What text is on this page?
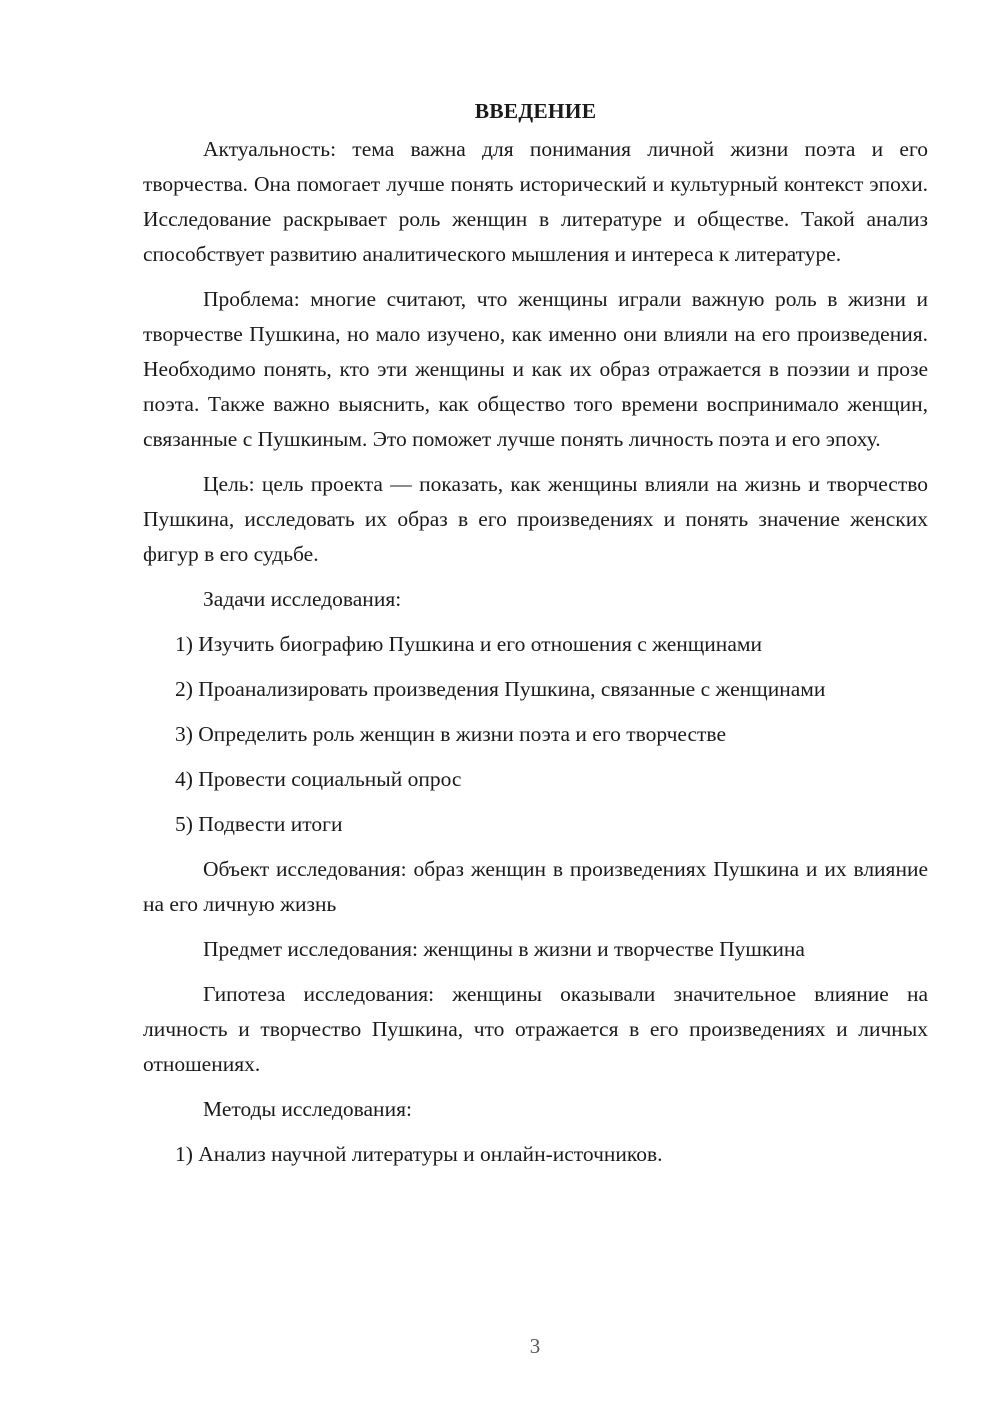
ВВЕДЕНИЕ

Актуальность: тема важна для понимания личной жизни поэта и его творчества. Она помогает лучше понять исторический и культурный контекст эпохи. Исследование раскрывает роль женщин в литературе и обществе. Такой анализ способствует развитию аналитического мышления и интереса к литературе.

Проблема: многие считают, что женщины играли важную роль в жизни и творчестве Пушкина, но мало изучено, как именно они влияли на его произведения. Необходимо понять, кто эти женщины и как их образ отражается в поэзии и прозе поэта. Также важно выяснить, как общество того времени воспринимало женщин, связанные с Пушкиным. Это поможет лучше понять личность поэта и его эпоху.

Цель: цель проекта — показать, как женщины влияли на жизнь и творчество Пушкина, исследовать их образ в его произведениях и понять значение женских фигур в его судьбе.

Задачи исследования:

1) Изучить биографию Пушкина и его отношения с женщинами
2) Проанализировать произведения Пушкина, связанные с женщинами
3) Определить роль женщин в жизни поэта и его творчестве
4) Провести социальный опрос
5) Подвести итоги

Объект исследования: образ женщин в произведениях Пушкина и их влияние на его личную жизнь

Предмет исследования: женщины в жизни и творчестве Пушкина

Гипотеза исследования: женщины оказывали значительное влияние на личность и творчество Пушкина, что отражается в его произведениях и личных отношениях.

Методы исследования:

1) Анализ научной литературы и онлайн-источников.
3
